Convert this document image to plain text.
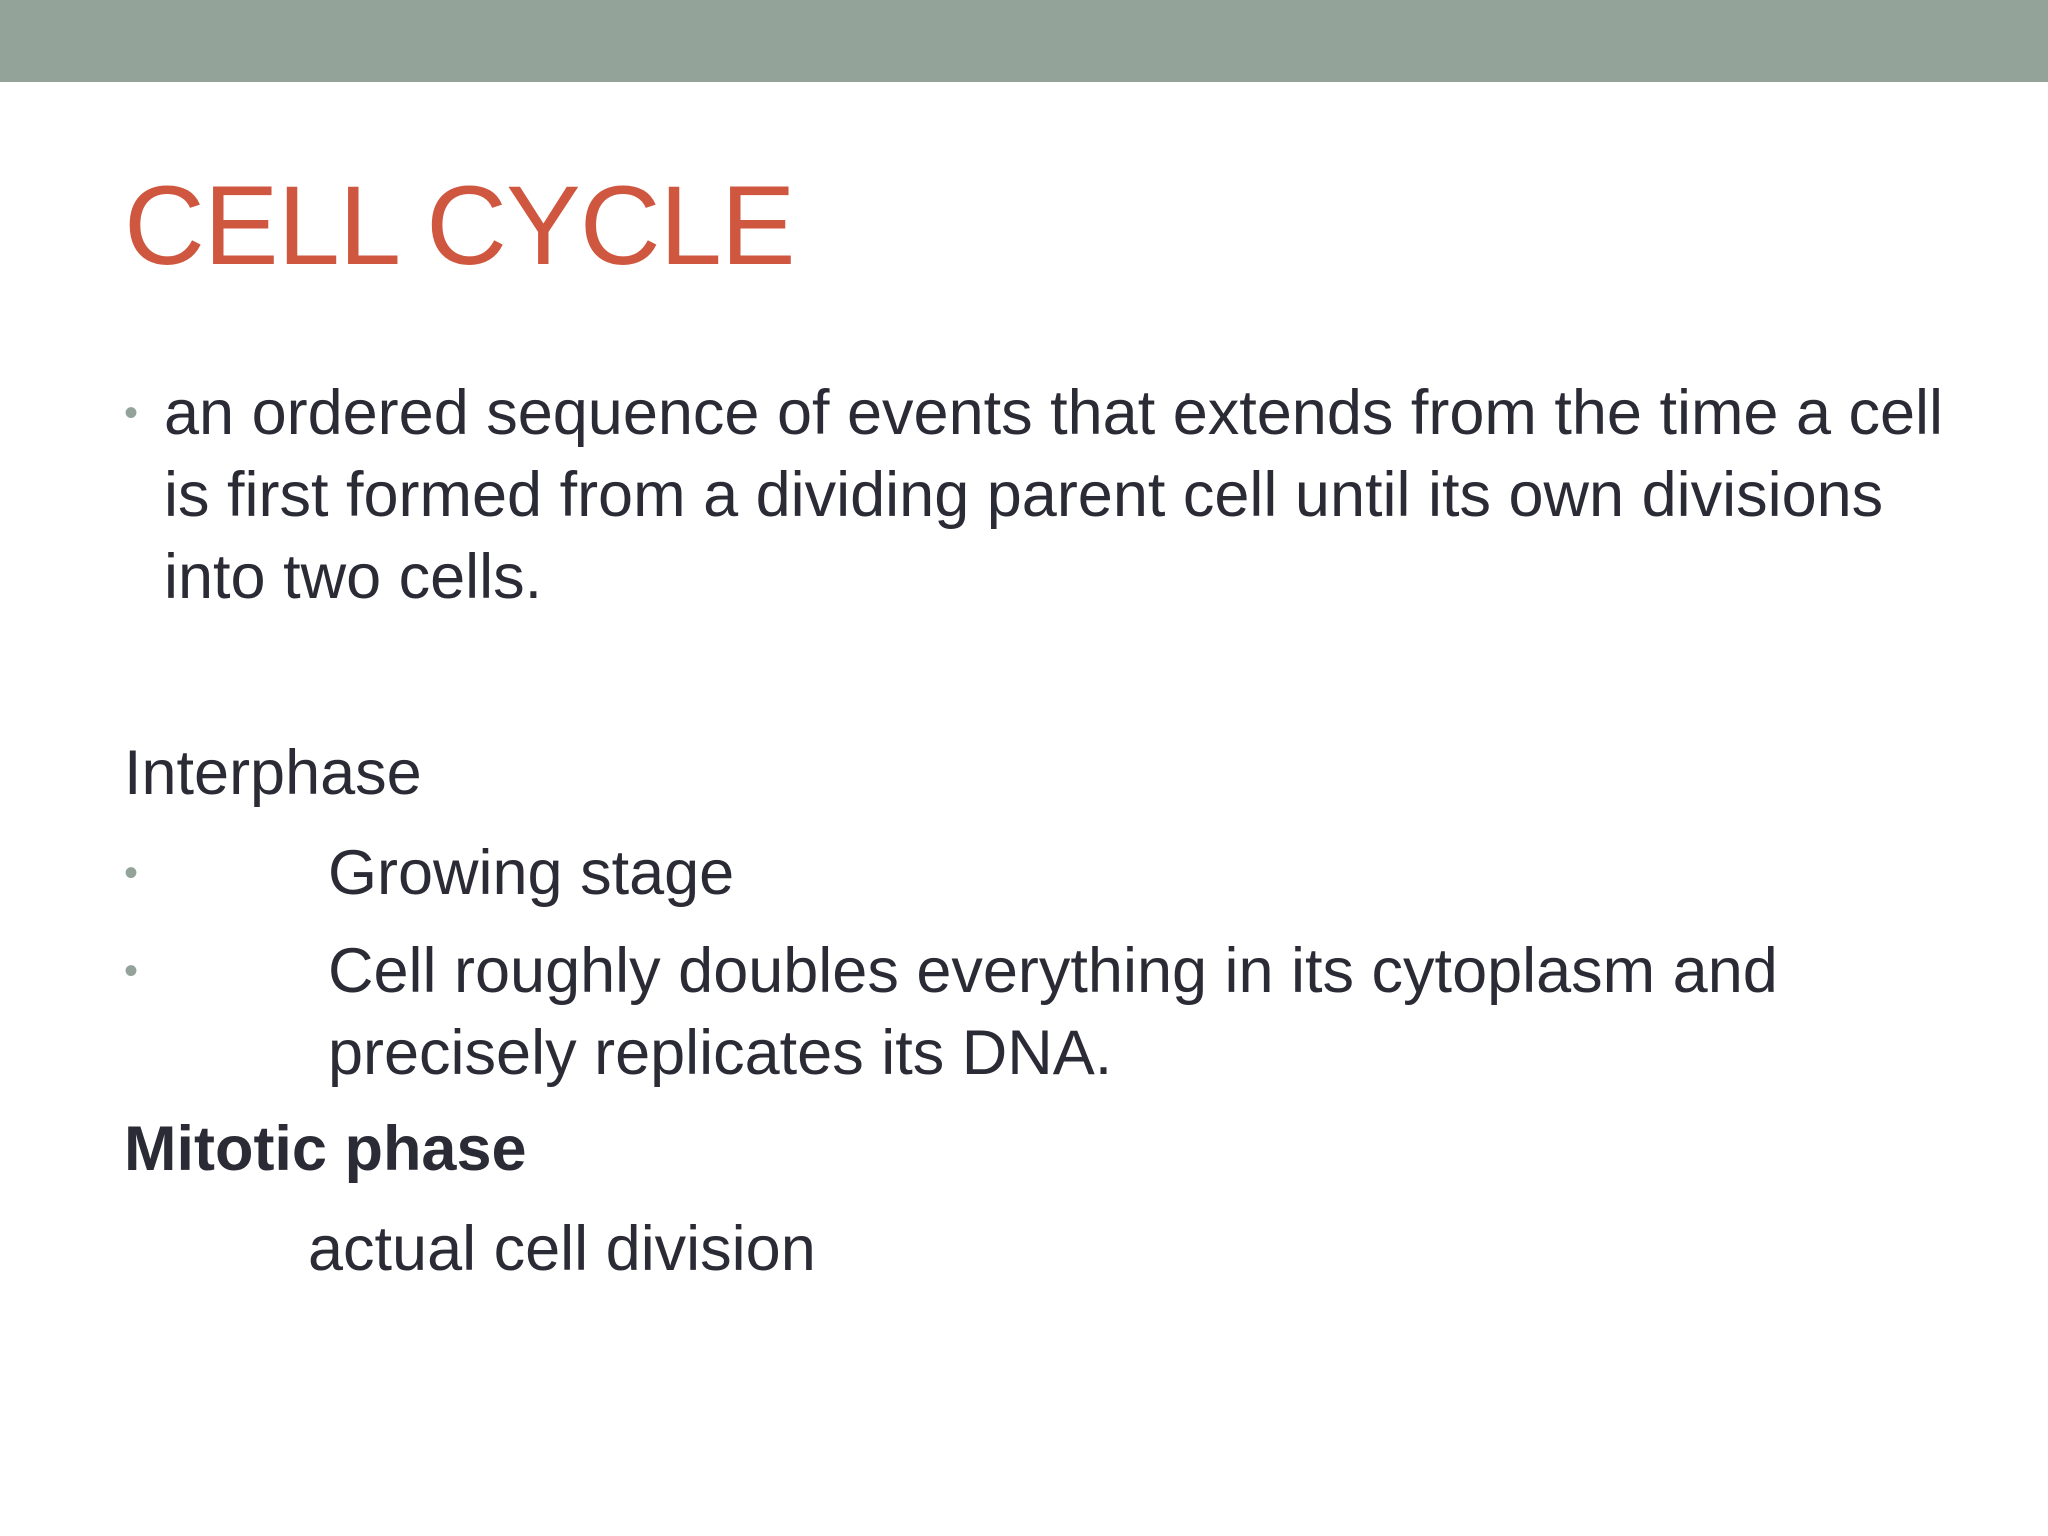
CELL CYCLE
• an ordered sequence of events that extends from the time a cell is first formed from a dividing parent cell until its own divisions into two cells.
Interphase
•	Growing stage
•	Cell roughly doubles everything in its cytoplasm and precisely replicates its DNA.
Mitotic phase
actual cell division
